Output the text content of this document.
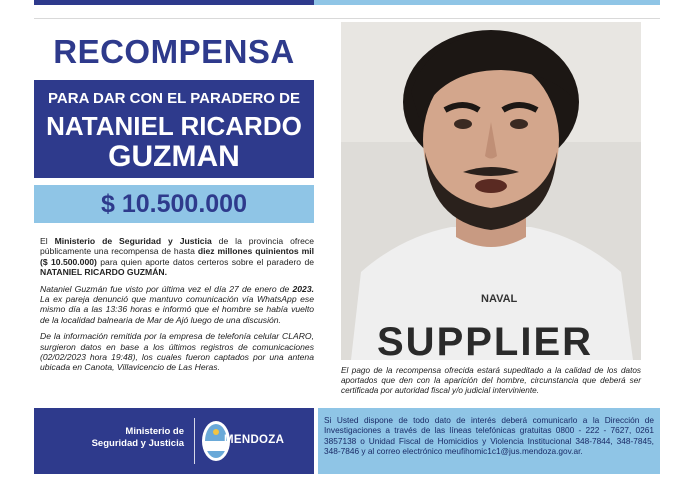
RECOMPENSA
PARA DAR CON EL PARADERO DE
NATANIEL RICARDO
GUZMAN
$ 10.500.000

El Ministerio de Seguridad y Justicia de la provincia ofrece públicamente una recompensa de hasta diez millones quinientos mil ($ 10.500.000) para quien aporte datos certeros sobre el paradero de NATANIEL RICARDO GUZMÁN.

Nataniel Guzmán fue visto por última vez el día 27 de enero de 2023. La ex pareja denunció que mantuvo comunicación vía WhatsApp ese mismo día a las 13:36 horas e informó que el hombre se había vuelto de la localidad balnearia de Mar de Ajó luego de una discusión.

De la información remitida por la empresa de telefonía celular CLARO, surgieron datos en base a los últimos registros de comunicaciones (02/02/2023 hora 19:48), los cuales fueron captados por una antena ubicada en Canota, Villavicencio de Las Heras.

NAVAL
SUPPLIER
El pago de la recompensa ofrecida estará supeditado a la calidad de los datos aportados que den con la aparición del hombre, circunstancia que deberá ser certificada por autoridad fiscal y/o judicial interviniente.
Ministerio de
Seguridad y Justicia	MENDOZA
Si Usted dispone de todo dato de interés deberá comunicarlo a la Dirección de Investigaciones a través de las líneas telefónicas gratuitas 0800 - 222 - 7627, 0261 3857138 o Unidad Fiscal de Homicidios y Violencia Institucional 348-7844, 348-7845, 348-7846 y al correo electrónico meufihomic1c1@jus.mendoza.gov.ar.
